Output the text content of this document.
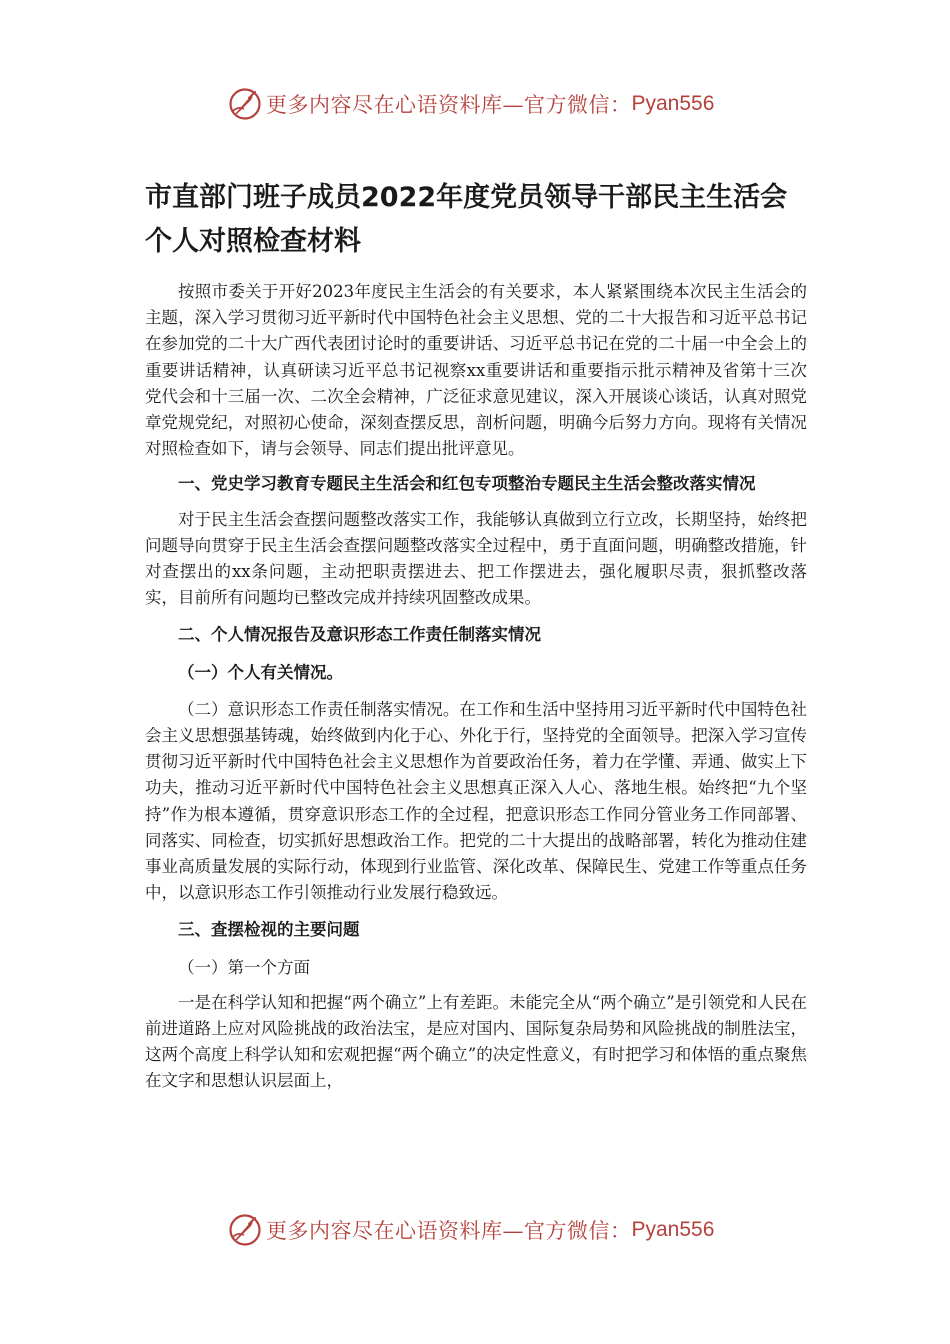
更多内容尽在心语资料库—官方微信： Pyan556
市直部门班子成员2022年度党员领导干部民主生活会个人对照检查材料

按照市委关于开好2023年度民主生活会的有关要求，本人紧紧围绕本次民主生活会的主题，深入学习贯彻习近平新时代中国特色社会主义思想、党的二十大报告和习近平总书记在参加党的二十大广西代表团讨论时的重要讲话、习近平总书记在党的二十届一中全会上的重要讲话精神，认真研读习近平总书记视察xx重要讲话和重要指示批示精神及省第十三次党代会和十三届一次、二次全会精神，广泛征求意见建议，深入开展谈心谈话，认真对照党章党规党纪，对照初心使命，深刻查摆反思，剖析问题，明确今后努力方向。现将有关情况对照检查如下，请与会领导、同志们提出批评意见。

一、党史学习教育专题民主生活会和红包专项整治专题民主生活会整改落实情况

对于民主生活会查摆问题整改落实工作，我能够认真做到立行立改，长期坚持，始终把问题导向贯穿于民主生活会查摆问题整改落实全过程中，勇于直面问题，明确整改措施，针对查摆出的xx条问题，主动把职责摆进去、把工作摆进去，强化履职尽责，狠抓整改落实，目前所有问题均已整改完成并持续巩固整改成果。

二、个人情况报告及意识形态工作责任制落实情况

（一）个人有关情况。

（二）意识形态工作责任制落实情况。在工作和生活中坚持用习近平新时代中国特色社会主义思想强基铸魂，始终做到内化于心、外化于行，坚持党的全面领导。把深入学习宣传贯彻习近平新时代中国特色社会主义思想作为首要政治任务，着力在学懂、弄通、做实上下功夫，推动习近平新时代中国特色社会主义思想真正深入人心、落地生根。始终把“九个坚持”作为根本遵循，贯穿意识形态工作的全过程，把意识形态工作同分管业务工作同部署、同落实、同检查，切实抓好思想政治工作。把党的二十大提出的战略部署，转化为推动住建事业高质量发展的实际行动，体现到行业监管、深化改革、保障民生、党建工作等重点任务中，以意识形态工作引领推动行业发展行稳致远。

三、查摆检视的主要问题

（一）第一个方面

一是在科学认知和把握“两个确立”上有差距。未能完全从“两个确立”是引领党和人民在前进道路上应对风险挑战的政治法宝，是应对国内、国际复杂局势和风险挑战的制胜法宝，这两个高度上科学认知和宏观把握“两个确立”的决定性意义，有时把学习和体悟的重点聚焦在文字和思想认识层面上，

更多内容尽在心语资料库—官方微信： Pyan556
